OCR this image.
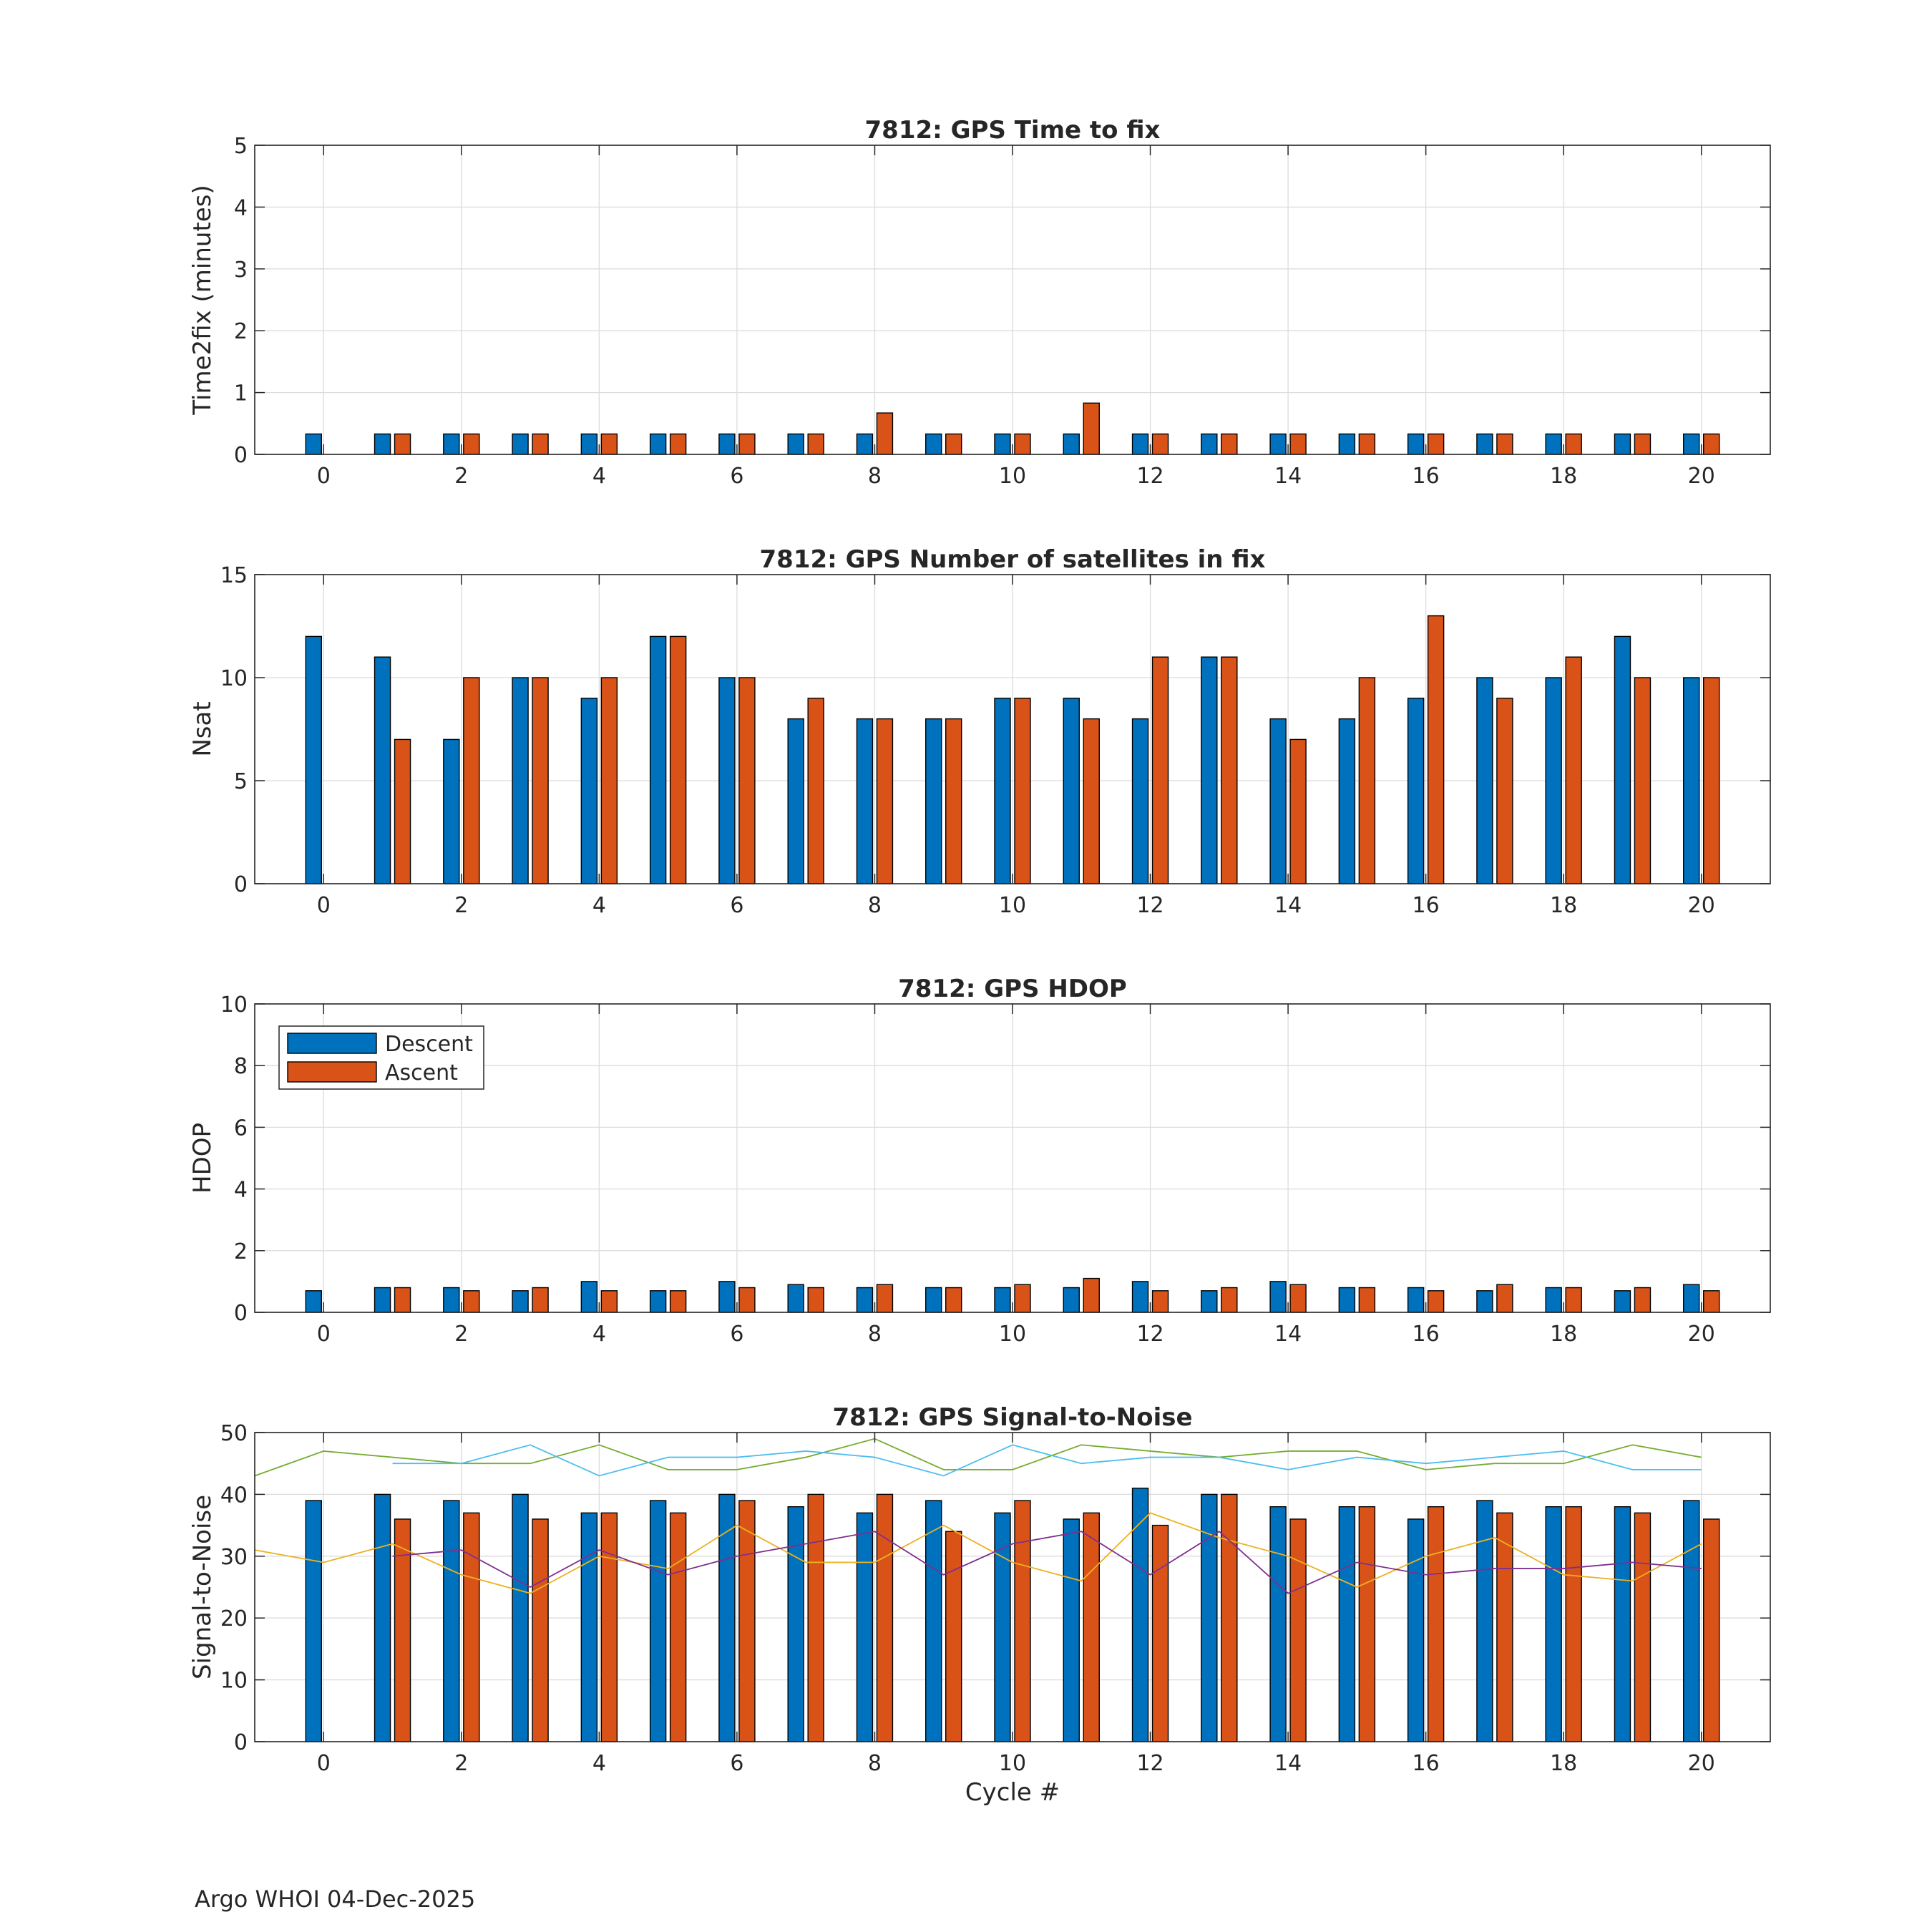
0	2	4	6	8	10	12	14	16	18	20
0
1
2
3
4
5
7812: GPS Time to fix
Time2fix (minutes)
0	2	4	6	8	10	12	14	16	18	20
0
5
10
15
7812: GPS Number of satellites in fix
Nsat
0	2	4	6	8	10	12	14	16	18	20
0
2
4
6
8
10
7812: GPS HDOP
HDOP
Descent
Ascent
0	2	4	6	8	10	12	14	16	18	20
0
10
20
30
40
50
7812: GPS Signal-to-Noise
Signal-to-Noise
Cycle #
Argo WHOI 04-Dec-2025
